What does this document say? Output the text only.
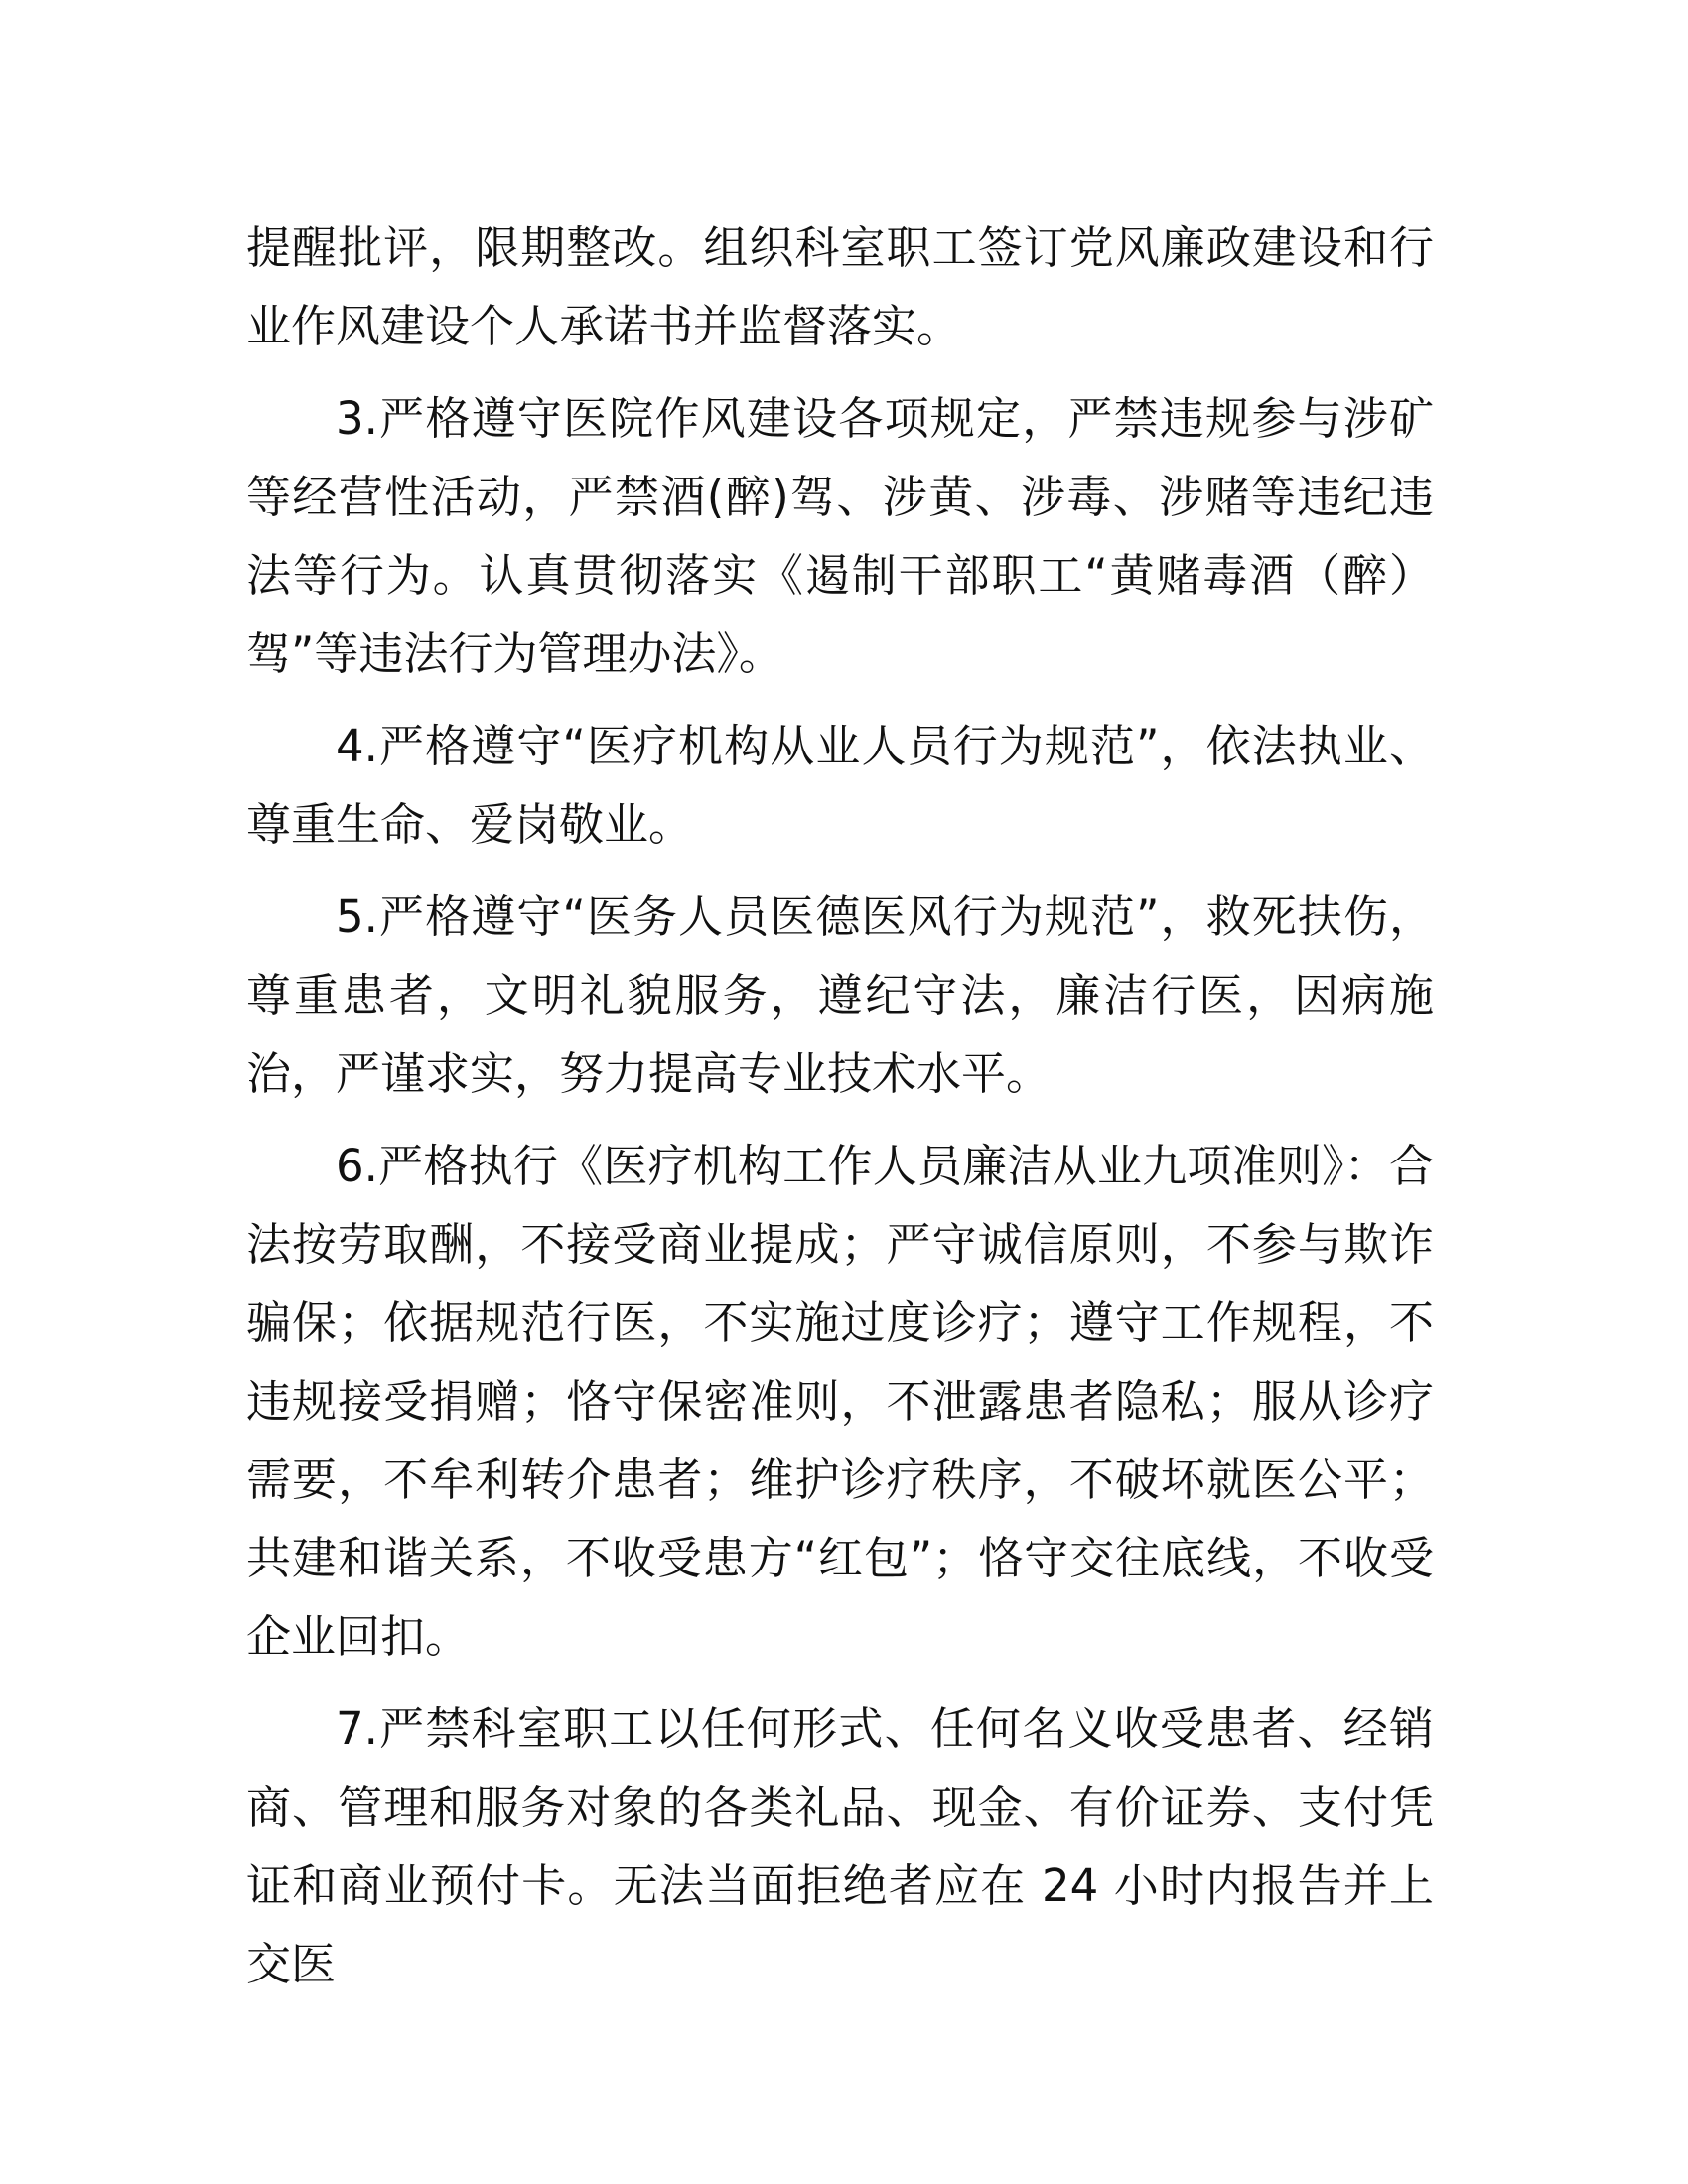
提醒批评，限期整改。组织科室职工签订党风廉政建设和行业作风建设个人承诺书并监督落实。

3.严格遵守医院作风建设各项规定，严禁违规参与涉矿等经营性活动，严禁酒(醉)驾、涉黄、涉毒、涉赌等违纪违法等行为。认真贯彻落实《遏制干部职工“黄赌毒酒（醉）驾”等违法行为管理办法》。

4.严格遵守“医疗机构从业人员行为规范”，依法执业、尊重生命、爱岗敬业。

5.严格遵守“医务人员医德医风行为规范”，救死扶伤，尊重患者，文明礼貌服务，遵纪守法，廉洁行医，因病施治，严谨求实，努力提高专业技术水平。

6.严格执行《医疗机构工作人员廉洁从业九项准则》：合法按劳取酬，不接受商业提成；严守诚信原则，不参与欺诈骗保；依据规范行医，不实施过度诊疗；遵守工作规程，不违规接受捐赠；恪守保密准则，不泄露患者隐私；服从诊疗需要，不牟利转介患者；维护诊疗秩序，不破坏就医公平；共建和谐关系，不收受患方“红包”；恪守交往底线，不收受企业回扣。

7.严禁科室职工以任何形式、任何名义收受患者、经销商、管理和服务对象的各类礼品、现金、有价证券、支付凭证和商业预付卡。无法当面拒绝者应在 24 小时内报告并上交医
